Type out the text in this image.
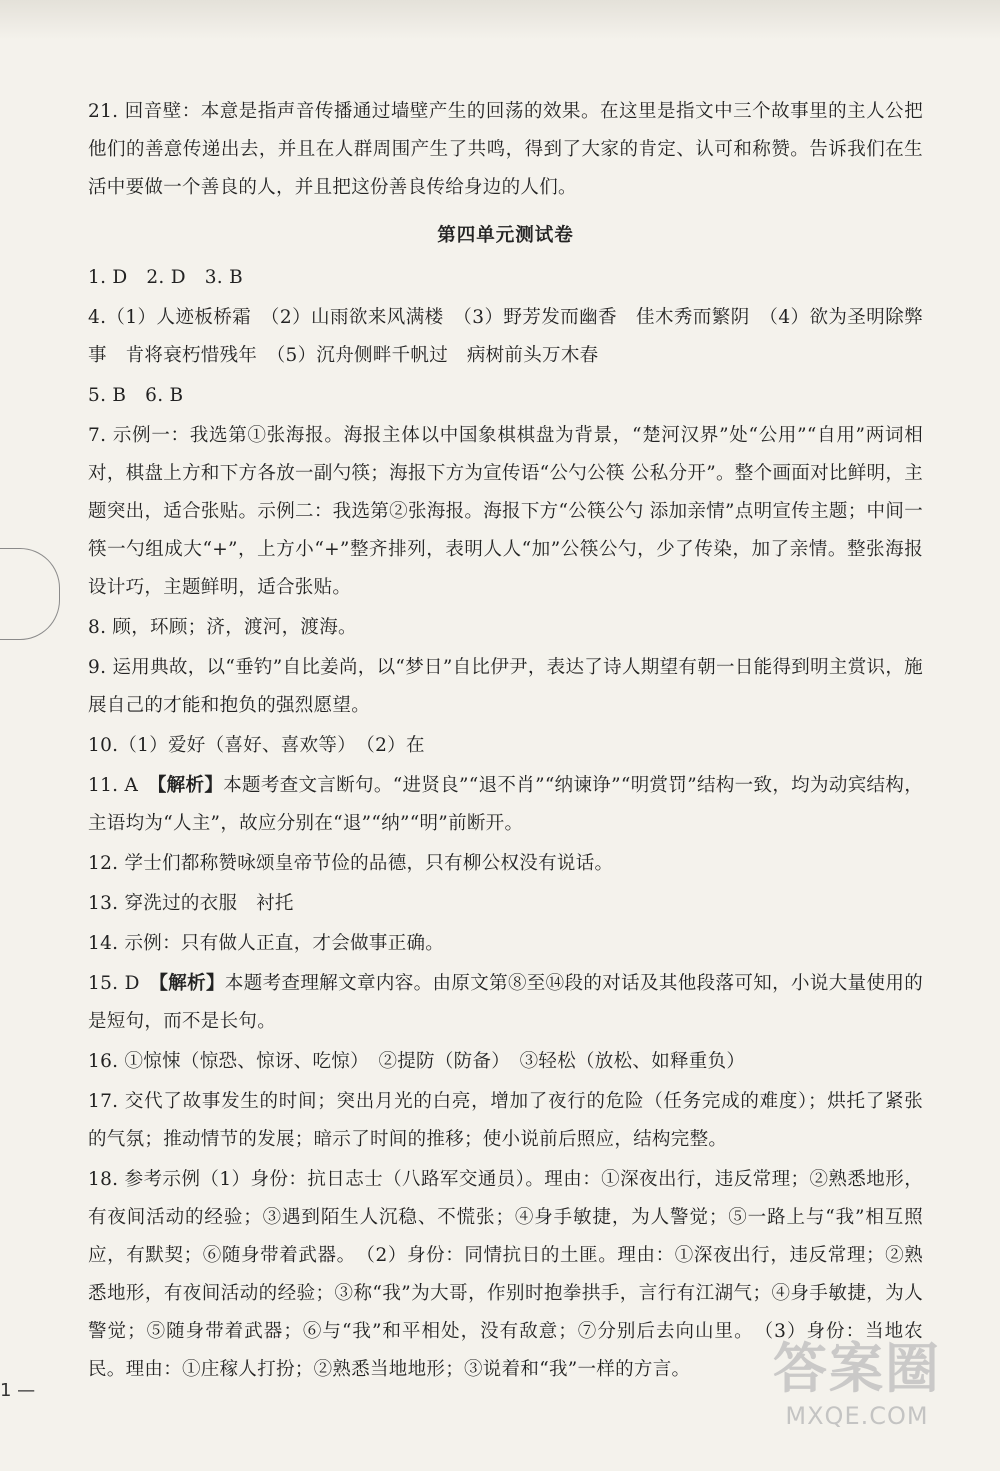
21. 回音壁：本意是指声音传播通过墙壁产生的回荡的效果。在这里是指文中三个故事里的主人公把他们的善意传递出去，并且在人群周围产生了共鸣，得到了大家的肯定、认可和称赞。告诉我们在生活中要做一个善良的人，并且把这份善良传给身边的人们。

第四单元测试卷

1. D　2. D　3. B

4.（1）人迹板桥霜　（2）山雨欲来风满楼　（3）野芳发而幽香　佳木秀而繁阴　（4）欲为圣明除弊事　肯将衰朽惜残年　（5）沉舟侧畔千帆过　病树前头万木春

5. B　6. B

7. 示例一：我选第①张海报。海报主体以中国象棋棋盘为背景，“楚河汉界”处“公用”“自用”两词相对，棋盘上方和下方各放一副勺筷；海报下方为宣传语“公勺公筷 公私分开”。整个画面对比鲜明，主题突出，适合张贴。示例二：我选第②张海报。海报下方“公筷公勺 添加亲情”点明宣传主题；中间一筷一勺组成大“+”，上方小“+”整齐排列，表明人人“加”公筷公勺，少了传染，加了亲情。整张海报设计巧，主题鲜明，适合张贴。

8. 顾，环顾；济，渡河，渡海。

9. 运用典故，以“垂钓”自比姜尚，以“梦日”自比伊尹，表达了诗人期望有朝一日能得到明主赏识，施展自己的才能和抱负的强烈愿望。

10.（1）爱好（喜好、喜欢等）　（2）在

11. A　【解析】本题考查文言断句。“进贤良”“退不肖”“纳谏诤”“明赏罚”结构一致，均为动宾结构，主语均为“人主”，故应分别在“退”“纳”“明”前断开。

12. 学士们都称赞咏颂皇帝节俭的品德，只有柳公权没有说话。

13. 穿洗过的衣服　衬托

14. 示例：只有做人正直，才会做事正确。

15. D　【解析】本题考查理解文章内容。由原文第⑧至⑭段的对话及其他段落可知，小说大量使用的是短句，而不是长句。

16. ①惊悚（惊恐、惊讶、吃惊）　②提防（防备）　③轻松（放松、如释重负）

17. 交代了故事发生的时间；突出月光的白亮，增加了夜行的危险（任务完成的难度）；烘托了紧张的气氛；推动情节的发展；暗示了时间的推移；使小说前后照应，结构完整。

18. 参考示例（1）身份：抗日志士（八路军交通员）。理由：①深夜出行，违反常理；②熟悉地形，有夜间活动的经验；③遇到陌生人沉稳、不慌张；④身手敏捷，为人警觉；⑤一路上与“我”相互照应，有默契；⑥随身带着武器。　（2）身份：同情抗日的土匪。理由：①深夜出行，违反常理；②熟悉地形，有夜间活动的经验；③称“我”为大哥，作别时抱拳拱手，言行有江湖气；④身手敏捷，为人警觉；⑤随身带着武器；⑥与“我”和平相处，没有敌意；⑦分别后去向山里。　（3）身份：当地农民。理由：①庄稼人打扮；②熟悉当地地形；③说着和“我”一样的方言。

1 —	答案圈
MXQE.COM
